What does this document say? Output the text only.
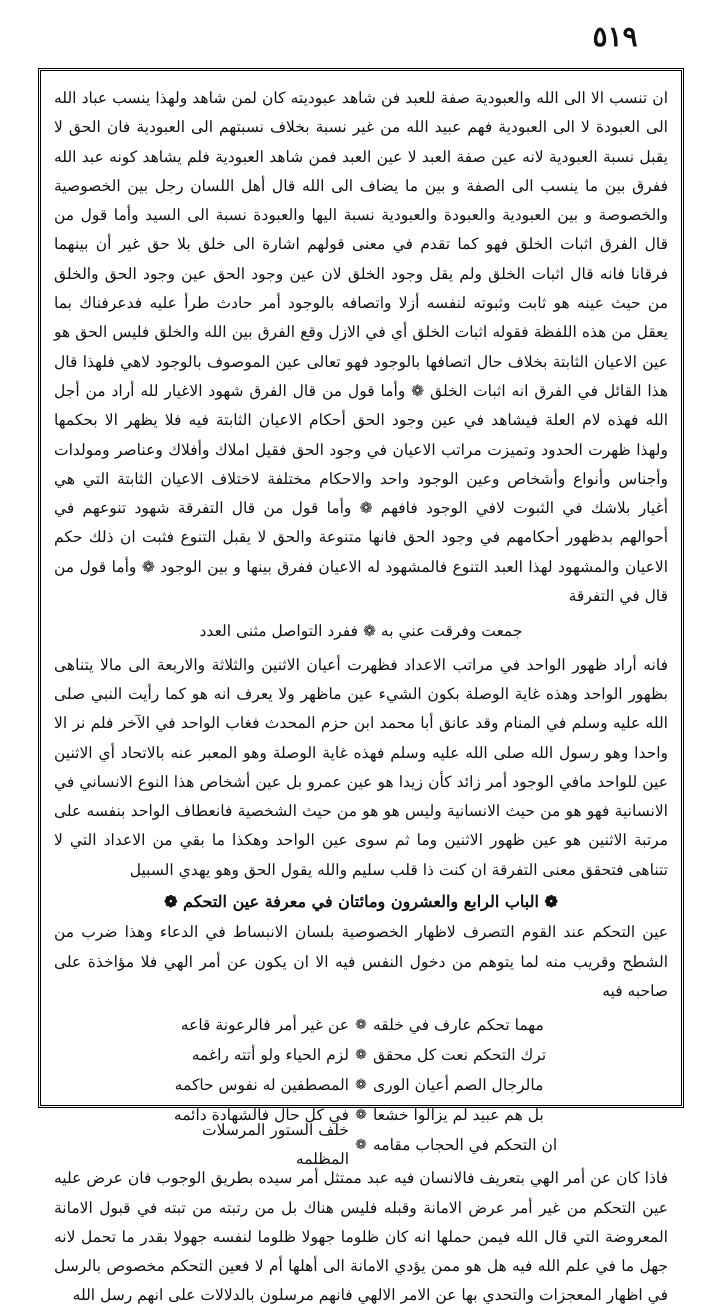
٥١٩

ان تنسب الا الى الله والعبودية صفة للعبد فن شاهد عبوديته كان لمن شاهد ولهذا ينسب عباد الله الى العبودة لا الى العبودية فهم عبيد الله من غير نسبة بخلاف نسبتهم الى العبودية فان الحق لا يقبل نسبة العبودية لانه عين صفة العبد لا عين العبد فمن شاهد العبودية فلم يشاهد كونه عبد الله ففرق بين ما ينسب الى الصفة و بين ما يضاف الى الله قال أهل اللسان رجل بين الخصوصية والخصوصة و بين العبودية والعبودة والعبودية نسبة اليها والعبودة نسبة الى السيد وأما قول من قال الفرق اثبات الخلق فهو كما تقدم في معنى قولهم اشارة الى خلق بلا حق غير أن بينهما فرقانا فانه قال اثبات الخلق ولم يقل وجود الخلق لان عين وجود الحق عين وجود الحق والخلق من حيث عينه هو ثابت وثبوته لنفسه أزلا واتصافه بالوجود أمر حادث طرأ عليه فدعرفناك بما يعقل من هذه اللفظة فقوله اثبات الخلق أي في الازل وقع الفرق بين الله والخلق فليس الحق هو عين الاعيان الثابتة بخلاف حال اتصافها بالوجود فهو تعالى عين الموصوف بالوجود لاهي فلهذا قال هذا القائل في الفرق انه اثبات الخلق ❁ وأما قول من قال الفرق شهود الاغيار لله أراد من أجل الله فهذه لام العلة فيشاهد في عين وجود الحق أحكام الاعيان الثابتة فيه فلا يظهر الا بحكمها ولهذا ظهرت الحدود وتميزت مراتب الاعيان في وجود الحق فقيل املاك وأفلاك وعناصر ومولدات وأجناس وأنواع وأشخاص وعين الوجود واحد والاحكام مختلفة لاختلاف الاعيان الثابتة التي هي أغيار بلاشك في الثبوت لافي الوجود فافهم ❁ وأما قول من قال التفرقة شهود تنوعهم في أحوالهم بدظهور أحكامهم في وجود الحق فانها متنوعة والحق لا يقبل التنوع فثبت ان ذلك حكم الاعيان والمشهود لهذا العبد التنوع فالمشهود له الاعيان ففرق بينها و بين الوجود ❁ وأما قول من قال في التفرقة

جمعت وفرقت عني به ❁ ففرد التواصل مثنى العدد

فانه أراد ظهور الواحد في مراتب الاعداد فظهرت أعيان الاثنين والثلاثة والاربعة الى مالا يتناهى بظهور الواحد وهذه غاية الوصلة بكون الشيء عين ماظهر ولا يعرف انه هو كما رأيت النبي صلى الله عليه وسلم في المنام وقد عانق أبا محمد ابن حزم المحدث فغاب الواحد في الآخر فلم نر الا واحدا وهو رسول الله صلى الله عليه وسلم فهذه غاية الوصلة وهو المعبر عنه بالاتحاد أي الاثنين عين للواحد مافي الوجود أمر زائد كأن زيدا هو عين عمرو بل عين أشخاص هذا النوع الانساني في الانسانية فهو هو من حيث الانسانية وليس هو هو من حيث الشخصية فانعطاف الواحد بنفسه على مرتبة الاثنين هو عين ظهور الاثنين وما ثم سوى عين الواحد وهكذا ما بقي من الاعداد التي لا تتناهى فتحقق معنى التفرقة ان كنت ذا قلب سليم والله يقول الحق وهو يهدي السبيل

❁ الباب الرابع والعشرون ومائتان في معرفة عين التحكم ❁

عين التحكم عند القوم التصرف لاظهار الخصوصية بلسان الانبساط في الدعاء وهذا ضرب من الشطح وقريب منه لما يتوهم من دخول النفس فيه الا ان يكون عن أمر الهي فلا مؤاخذة على صاحبه فيه

مهما تحكم عارف في خلقه
❁
عن غير أمر فالرعونة قاعه
ترك التحكم نعت كل محقق
❁
لزم الحياء ولو أتته راغمه
مالرجال الصم أعيان الورى
❁
المصطفين له نفوس حاكمه
بل هم عبيد لم يزالوا خشعا
❁
في كل حال فالشهادة دائمه
ان التحكم في الحجاب مقامه
❁
خلف الستور المرسلات المظلمه

فاذا كان عن أمر الهي بتعريف فالانسان فيه عبد ممتثل أمر سيده بطريق الوجوب فان عرض عليه عين التحكم من غير أمر عرض الامانة وقبله فليس هناك بل من رتبته من تبته في قبول الامانة المعروضة التي قال الله فيمن حملها انه كان ظلوما جهولا ظلوما لنفسه جهولا بقدر ما تحمل لانه جهل ما في علم الله فيه هل هو ممن يؤدي الامانة الى أهلها أم لا فعين التحكم مخصوص بالرسل في اظهار المعجزات والتحدي بها عن الامر الالهي فانهم مرسلون بالدلالات على انهم رسل الله
